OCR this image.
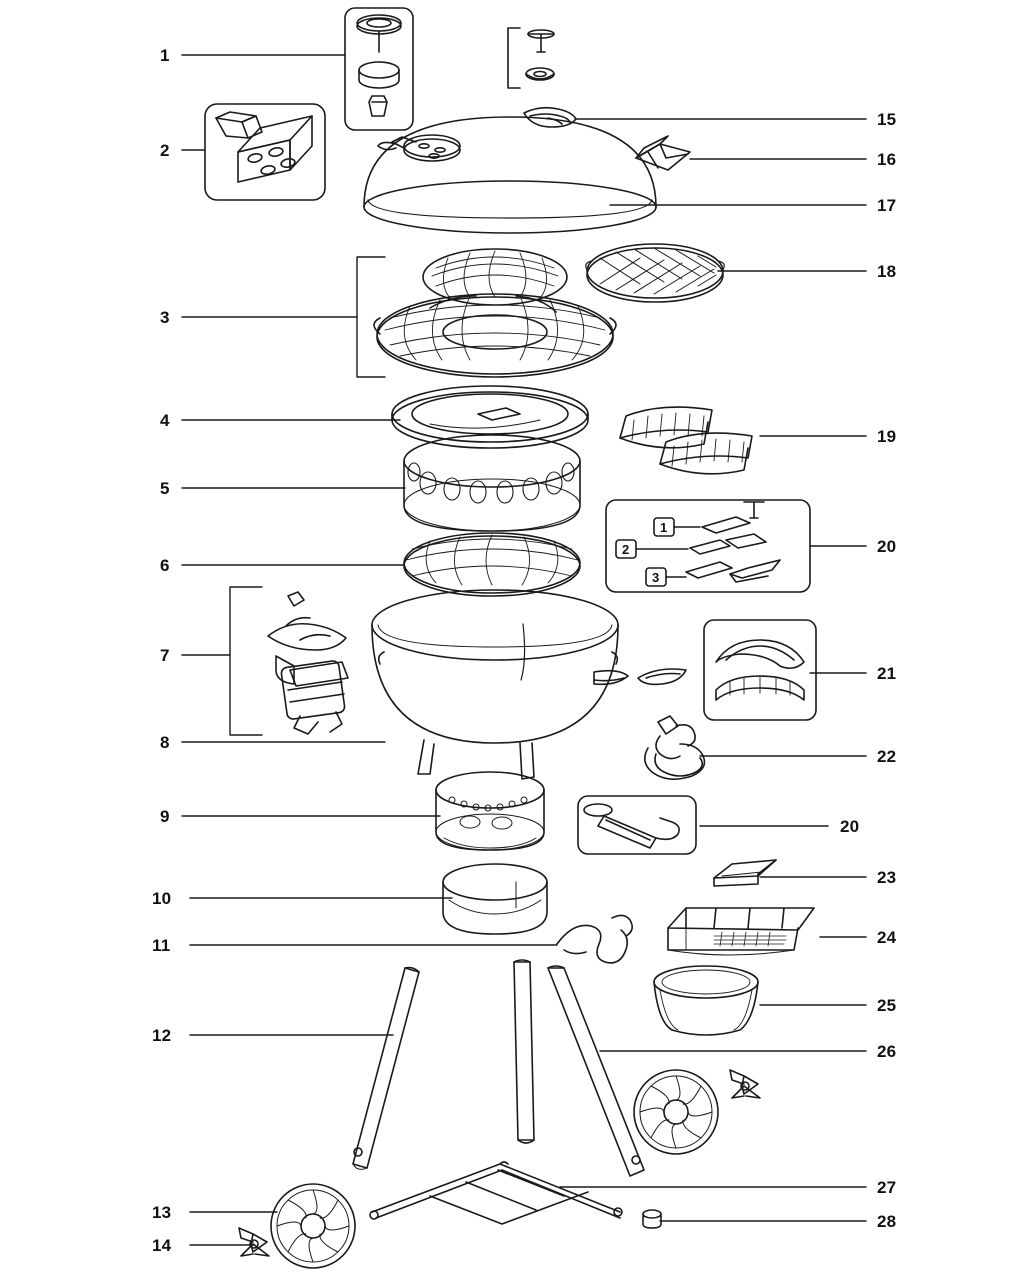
1
2
3
4
5
6
7
8
9
10
11
12
13
14
15
16
17
18
19
20
21
22
20
23
24
25
26
27
28
1
2
3
